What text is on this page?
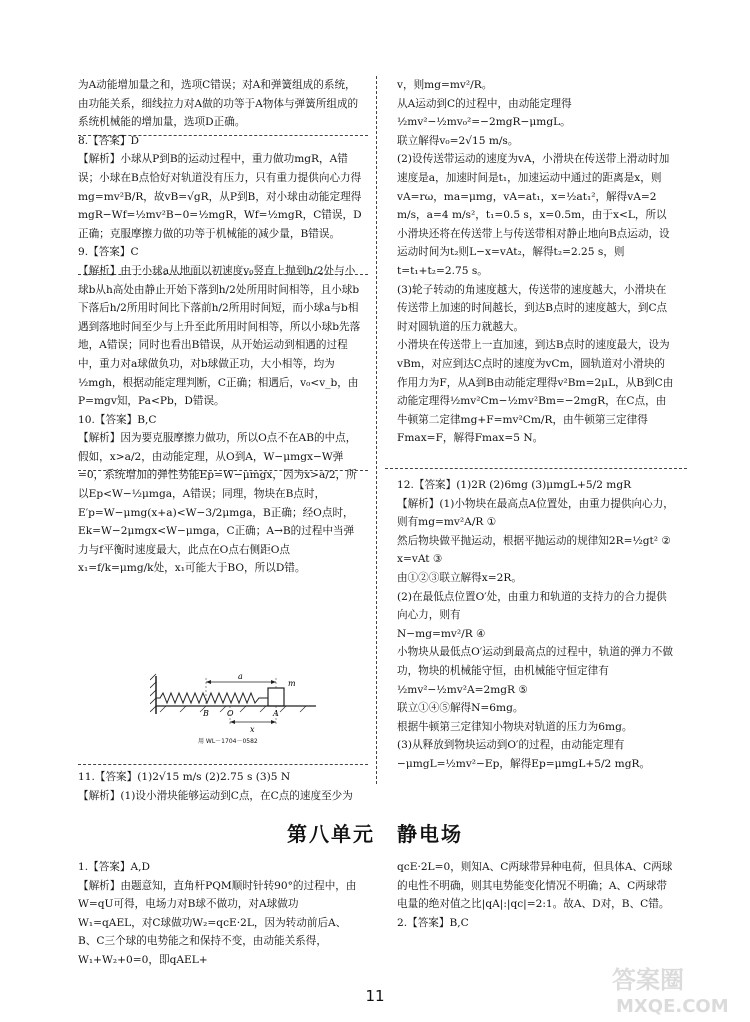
为A动能增加量之和，选项C错误；对A和弹簧组成的系统，由功能关系，细线拉力对A做的功等于A物体与弹簧所组成的系统机械能的增加量，选项D正确。

8.【答案】D

【解析】小球从P到B的运动过程中，重力做功mgR，A错误；小球在B点恰好对轨道没有压力，只有重力提供向心力得mg=mv²B/R，故vB=√gR，从P到B，对小球由动能定理得mgR−Wf=½mv²B−0=½mgR，Wf=½mgR，C错误，D正确；克服摩擦力做的功等于机械能的减少量，B错误。

9.【答案】C

【解析】由于小球a从地面以初速度v₀竖直上抛到h/2处与小球b从h高处由静止开始下落到h/2处所用时间相等，且小球b下落后h/2所用时间比下落前h/2所用时间短，而小球a与b相遇到落地时间至少与上升至此所用时间相等，所以小球b先落地，A错误；同时也看出B错误，从开始运动到相遇的过程中，重力对a球做负功，对b球做正功，大小相等，均为½mgh，根据动能定理判断，C正确；相遇后，v₀<v_b，由P=mgv知，Pa<Pb，D错误。

10.【答案】B,C

【解析】因为要克服摩擦力做功，所以O点不在AB的中点，假如，x>a/2，由动能定理，从O到A，W−μmgx−W弹=0，系统增加的弹性势能Ep=W−μmgx，因为x>a/2，所以Ep<W−½μmga，A错误；同理，物块在B点时，E′p=W−μmg(x+a)<W−3/2μmga，B正确；经O点时，Ek=W−2μmgx<W−μmga，C正确；A→B的过程中当弹力与f平衡时速度最大，此点在O点右侧距O点x₁=f/k=μmg/k处，x₁可能大于BO，所以D错。

11.【答案】(1)2√15 m/s (2)2.75 s (3)5 N

【解析】(1)设小滑块能够运动到C点，在C点的速度至少为

v，则mg=mv²/R。

从A运动到C的过程中，由动能定理得

½mv²−½mv₀²=−2mgR−μmgL。

联立解得v₀=2√15 m/s。

(2)设传送带运动的速度为vA，小滑块在传送带上滑动时加速度是a，加速时间是t₁，加速运动中通过的距离是x，则vA=rω，ma=μmg，vA=at₁，x=½at₁²，解得vA=2 m/s，a=4 m/s²，t₁=0.5 s，x=0.5m，由于x<L，所以小滑块还将在传送带上与传送带相对静止地向B点运动，设运动时间为t₂则L−x=vAt₂，解得t₂=2.25 s，则t=t₁+t₂=2.75 s。

(3)轮子转动的角速度越大，传送带的速度越大，小滑块在传送带上加速的时间越长，到达B点时的速度越大，到C点时对圆轨道的压力就越大。

小滑块在传送带上一直加速，到达B点时的速度最大，设为vBm，对应到达C点时的速度为vCm，圆轨道对小滑块的作用力为F，从A到B由动能定理得v²Bm=2μL，从B到C由动能定理得½mv²Cm−½mv²Bm=−2mgR，在C点，由牛顿第二定律mg+F=mv²Cm/R，由牛顿第三定律得Fmax=F，解得Fmax=5 N。

12.【答案】(1)2R (2)6mg (3)μmgL+5/2 mgR

【解析】(1)小物块在最高点A位置处，由重力提供向心力，则有mg=mv²A/R ①

然后物块做平抛运动，根据平抛运动的规律知2R=½gt² ②

x=vAt ③

由①②③联立解得x=2R。

(2)在最低点位置O′处，由重力和轨道的支持力的合力提供向心力，则有

N−mg=mv²/R ④

小物块从最低点O′运动到最高点的过程中，轨道的弹力不做功，物块的机械能守恒，由机械能守恒定律有½mv²−½mv²A=2mgR ⑤

联立①④⑤解得N=6mg。

根据牛顿第三定律知小物块对轨道的压力为6mg。

(3)从释放到物块运动到O′的过程，由动能定理有−μmgL=½mv²−Ep，解得Ep=μmgL+5/2 mgR。

a
m
B O	A
x
用 WL－1704－0582
第八单元　静电场

1.【答案】A,D

【解析】由题意知，直角杆PQM顺时针转90°的过程中，由W=qU可得，电场力对B球不做功，对A球做功W₁=qAEL，对C球做功W₂=qcE·2L，因为转动前后A、B、C三个球的电势能之和保持不变，由动能关系得，W₁+W₂+0=0，即qAEL+

qcE·2L=0，则知A、C两球带异种电荷，但具体A、C两球的电性不明确，则其电势能变化情况不明确；A、C两球带电量的绝对值之比|qA|:|qc|=2:1。故A、D对，B、C错。

2.【答案】B,C

11
答案圈
MXQE.COM
